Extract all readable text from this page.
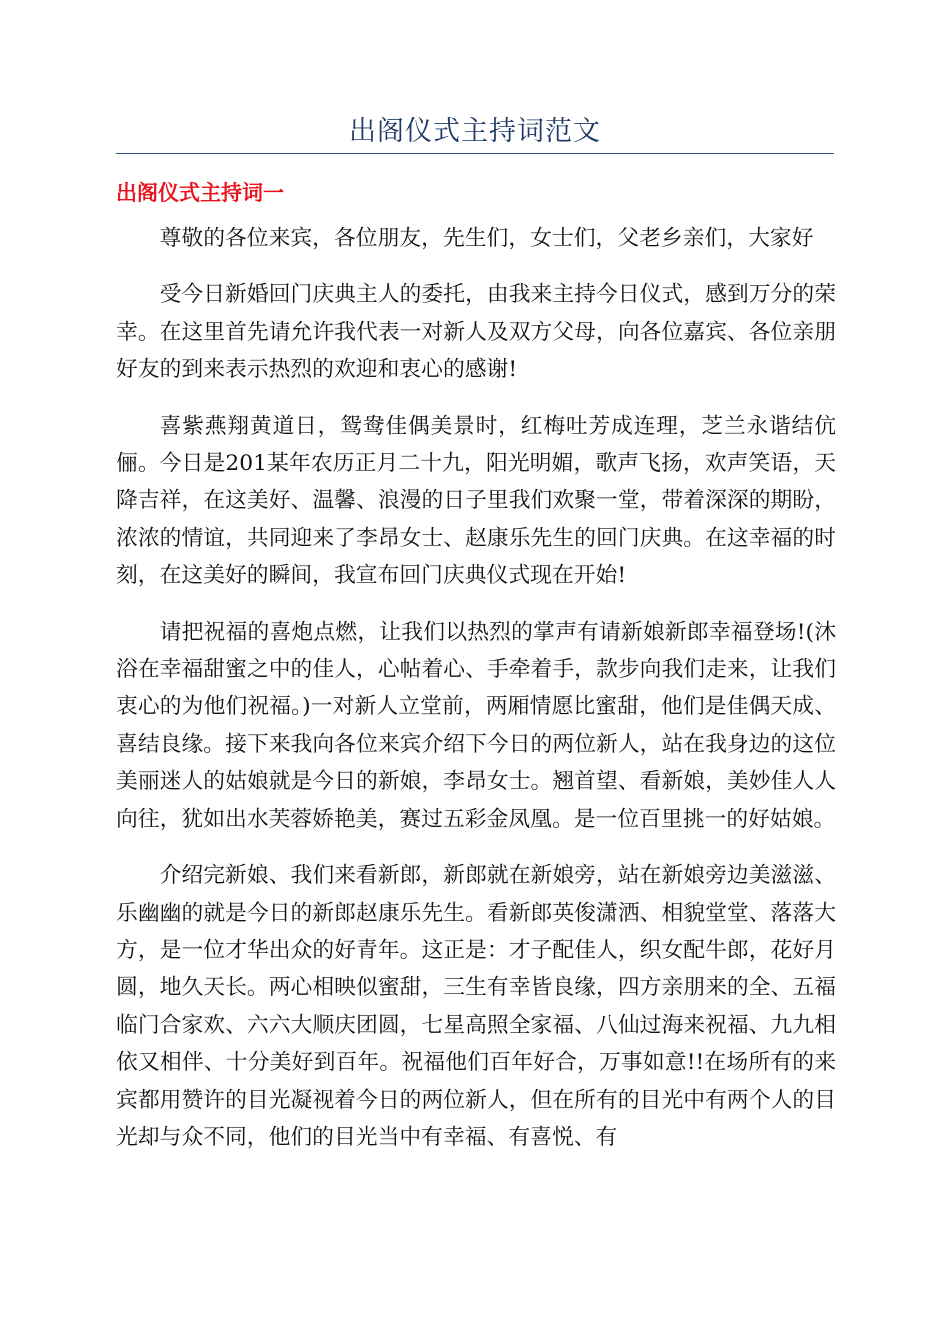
出阁仪式主持词范文
出阁仪式主持词一

尊敬的各位来宾，各位朋友，先生们，女士们，父老乡亲们，大家好

受今日新婚回门庆典主人的委托，由我来主持今日仪式，感到万分的荣幸。在这里首先请允许我代表一对新人及双方父母，向各位嘉宾、各位亲朋好友的到来表示热烈的欢迎和衷心的感谢!

喜紫燕翔黄道日，鸳鸯佳偶美景时，红梅吐芳成连理，芝兰永谐结伉俪。今日是201某年农历正月二十九，阳光明媚，歌声飞扬，欢声笑语，天降吉祥，在这美好、温馨、浪漫的日子里我们欢聚一堂，带着深深的期盼，浓浓的情谊，共同迎来了李昂女士、赵康乐先生的回门庆典。在这幸福的时刻，在这美好的瞬间，我宣布回门庆典仪式现在开始!

请把祝福的喜炮点燃，让我们以热烈的掌声有请新娘新郎幸福登场!(沐浴在幸福甜蜜之中的佳人，心帖着心、手牵着手，款步向我们走来，让我们衷心的为他们祝福。)一对新人立堂前，两厢情愿比蜜甜，他们是佳偶天成、喜结良缘。接下来我向各位来宾介绍下今日的两位新人，站在我身边的这位美丽迷人的姑娘就是今日的新娘，李昂女士。翘首望、看新娘，美妙佳人人向往，犹如出水芙蓉娇艳美，赛过五彩金凤凰。是一位百里挑一的好姑娘。

介绍完新娘、我们来看新郎，新郎就在新娘旁，站在新娘旁边美滋滋、乐幽幽的就是今日的新郎赵康乐先生。看新郎英俊潇洒、相貌堂堂、落落大方，是一位才华出众的好青年。这正是：才子配佳人，织女配牛郎，花好月圆，地久天长。两心相映似蜜甜，三生有幸皆良缘，四方亲朋来的全、五福临门合家欢、六六大顺庆团圆，七星高照全家福、八仙过海来祝福、九九相依又相伴、十分美好到百年。祝福他们百年好合，万事如意!!在场所有的来宾都用赞许的目光凝视着今日的两位新人，但在所有的目光中有两个人的目光却与众不同，他们的目光当中有幸福、有喜悦、有
